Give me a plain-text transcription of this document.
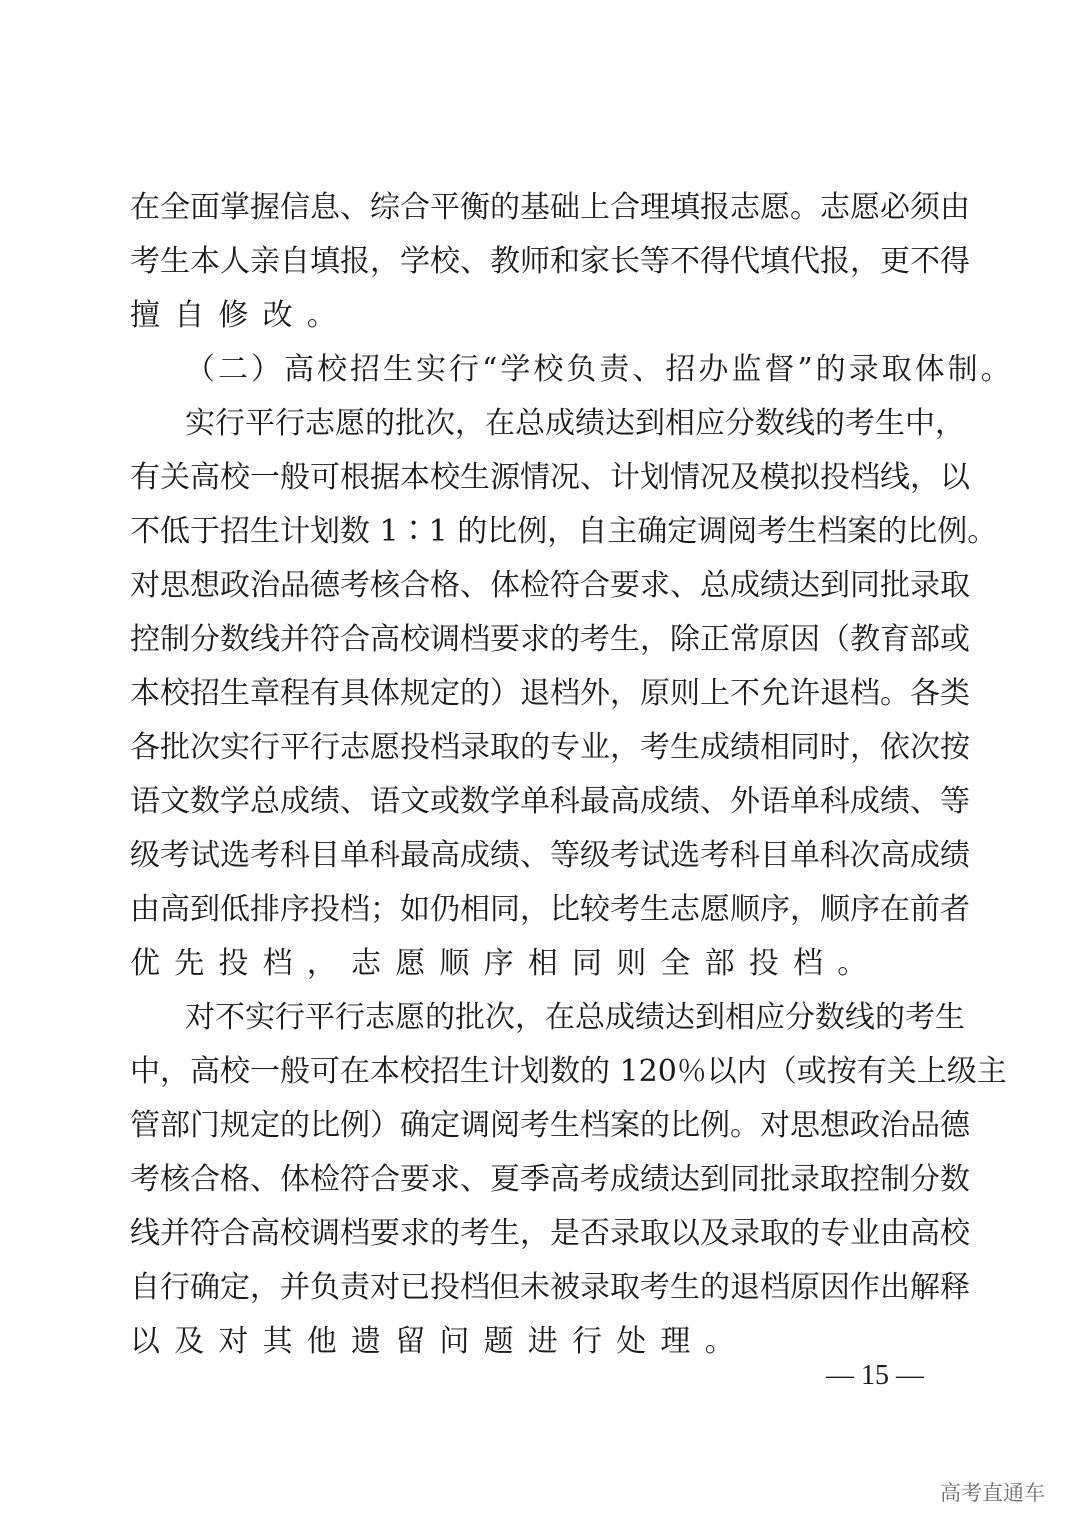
在全面掌握信息、综合平衡的基础上合理填报志愿。志愿必须由
考生本人亲自填报，学校、教师和家长等不得代填代报，更不得
擅自修改。
（二）高校招生实行“学校负责、招办监督”的录取体制。
实行平行志愿的批次，在总成绩达到相应分数线的考生中，
有关高校一般可根据本校生源情况、计划情况及模拟投档线，以
不低于招生计划数 1∶1 的比例，自主确定调阅考生档案的比例。
对思想政治品德考核合格、体检符合要求、总成绩达到同批录取
控制分数线并符合高校调档要求的考生，除正常原因（教育部或
本校招生章程有具体规定的）退档外，原则上不允许退档。各类
各批次实行平行志愿投档录取的专业，考生成绩相同时，依次按
语文数学总成绩、语文或数学单科最高成绩、外语单科成绩、等
级考试选考科目单科最高成绩、等级考试选考科目单科次高成绩
由高到低排序投档；如仍相同，比较考生志愿顺序，顺序在前者
优先投档，志愿顺序相同则全部投档。
对不实行平行志愿的批次，在总成绩达到相应分数线的考生
中，高校一般可在本校招生计划数的 120％以内（或按有关上级主
管部门规定的比例）确定调阅考生档案的比例。对思想政治品德
考核合格、体检符合要求、夏季高考成绩达到同批录取控制分数
线并符合高校调档要求的考生，是否录取以及录取的专业由高校
自行确定，并负责对已投档但未被录取考生的退档原因作出解释
以及对其他遗留问题进行处理。
— 15 —
高考直通车
